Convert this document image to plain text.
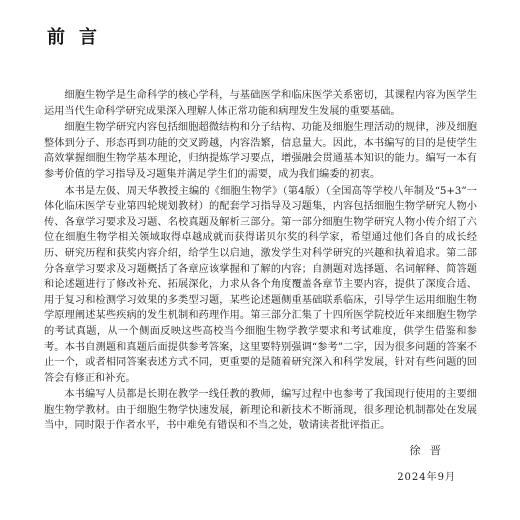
前言

细胞生物学是生命科学的核心学科，与基础医学和临床医学关系密切，其课程内容为医学生运用当代生命科学研究成果深入理解人体正常功能和病理发生发展的重要基础。

细胞生物学研究内容包括细胞超微结构和分子结构、功能及细胞生理活动的规律，涉及细胞整体到分子、形态再到功能的交叉跨越，内容浩繁，信息量大。因此，本书编写的目的是使学生高效掌握细胞生物学基本理论，归纳提炼学习要点，增强融会贯通基本知识的能力。编写一本有参考价值的学习指导及习题集并满足学生们的需要，成为我们编委的初衷。

本书是左伋、周天华教授主编的《细胞生物学》（第4版）（全国高等学校八年制及“5+3”一体化临床医学专业第四轮规划教材）的配套学习指导及习题集，内容包括细胞生物学研究人物小传、各章学习要求及习题、名校真题及解析三部分。第一部分细胞生物学研究人物小传介绍了六位在细胞生物学相关领域取得卓越成就而获得诺贝尔奖的科学家，希望通过他们各自的成长经历、研究历程和获奖内容介绍，给学生以启迪，激发学生对科学研究的兴趣和执着追求。第二部分各章学习要求及习题概括了各章应该掌握和了解的内容；自测题对选择题、名词解释、简答题和论述题进行了修改补充、拓展深化，力求从各个角度覆盖各章节主要内容，提供了深度合适、用于复习和检测学习效果的多类型习题，某些论述题侧重基础联系临床，引导学生运用细胞生物学原理阐述某些疾病的发生机制和药理作用。第三部分汇集了十四所医学院校近年来细胞生物学的考试真题，从一个侧面反映这些高校当今细胞生物学教学要求和考试难度，供学生借鉴和参考。本书自测题和真题后面提供参考答案，这里要特别强调“参考”二字，因为很多问题的答案不止一个，或者相同答案表述方式不同，更重要的是随着研究深入和科学发展，针对有些问题的回答会有修正和补充。

本书编写人员都是长期在教学一线任教的教师，编写过程中也参考了我国现行使用的主要细胞生物学教材。由于细胞生物学快速发展，新理论和新技术不断涌现，很多理论机制都处在发展当中，同时限于作者水平，书中难免有错误和不当之处，敬请读者批评指正。

徐 晋
2024年9月
